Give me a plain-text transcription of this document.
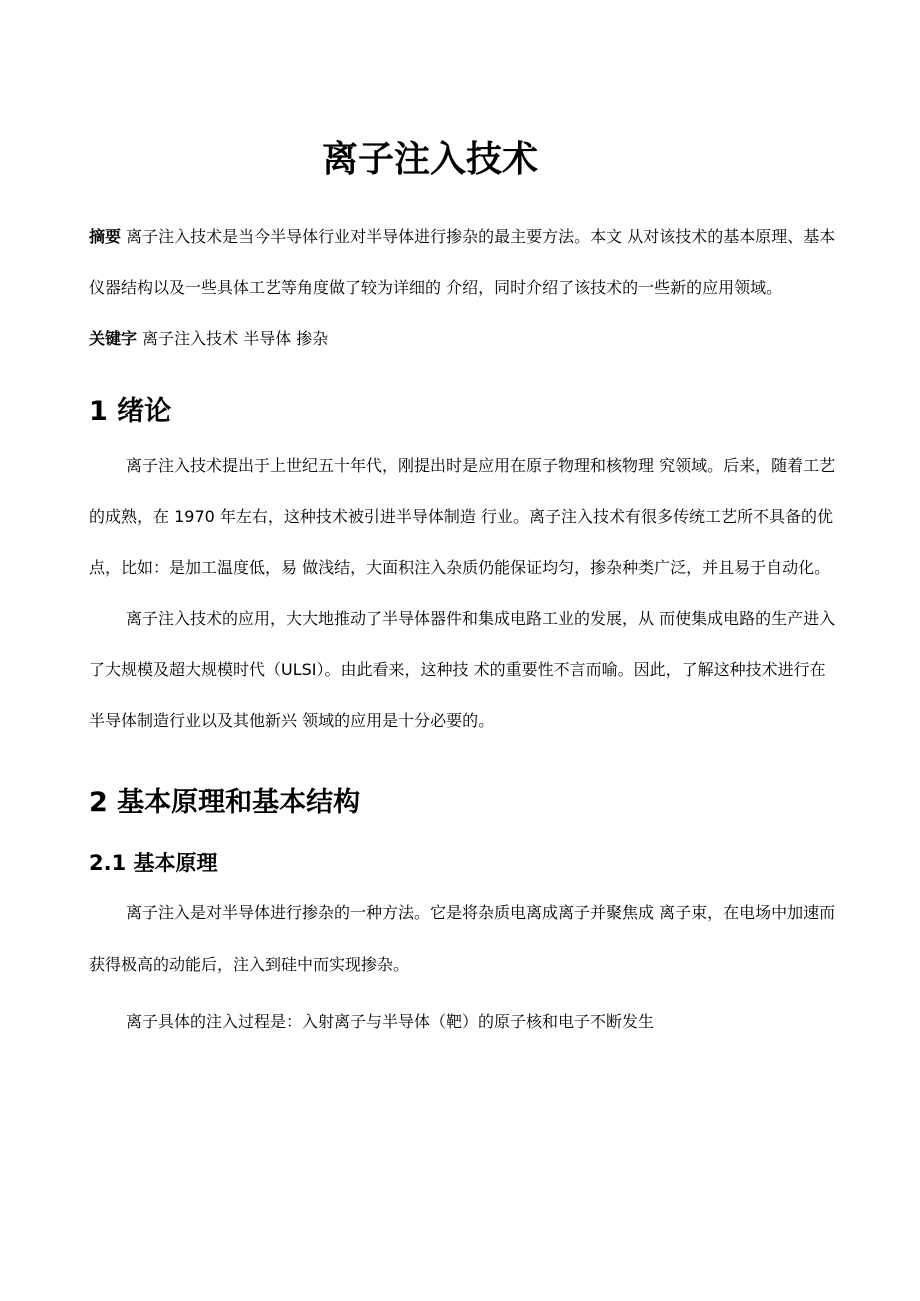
离子注入技术
摘要 离子注入技术是当今半导体行业对半导体进行掺杂的最主要方法。本文 从对该技术的基本原理、基本
仪器结构以及一些具体工艺等角度做了较为详细的 介绍，同时介绍了该技术的一些新的应用领域。
关键字 离子注入技术 半导体 掺杂
1 绪论
离子注入技术提出于上世纪五十年代，刚提出时是应用在原子物理和核物理 究领域。后来，随着工艺
的成熟，在 1970 年左右，这种技术被引进半导体制造 行业。离子注入技术有很多传统工艺所不具备的优
点，比如：是加工温度低，易 做浅结，大面积注入杂质仍能保证均匀，掺杂种类广泛，并且易于自动化。
离子注入技术的应用，大大地推动了半导体器件和集成电路工业的发展，从 而使集成电路的生产进入
了大规模及超大规模时代（ULSI）。由此看来，这种技 术的重要性不言而喻。因此，了解这种技术进行在
半导体制造行业以及其他新兴 领域的应用是十分必要的。
2 基本原理和基本结构
2.1 基本原理
离子注入是对半导体进行掺杂的一种方法。它是将杂质电离成离子并聚焦成 离子束，在电场中加速而
获得极高的动能后，注入到硅中而实现掺杂。
离子具体的注入过程是：入射离子与半导体（靶）的原子核和电子不断发生
